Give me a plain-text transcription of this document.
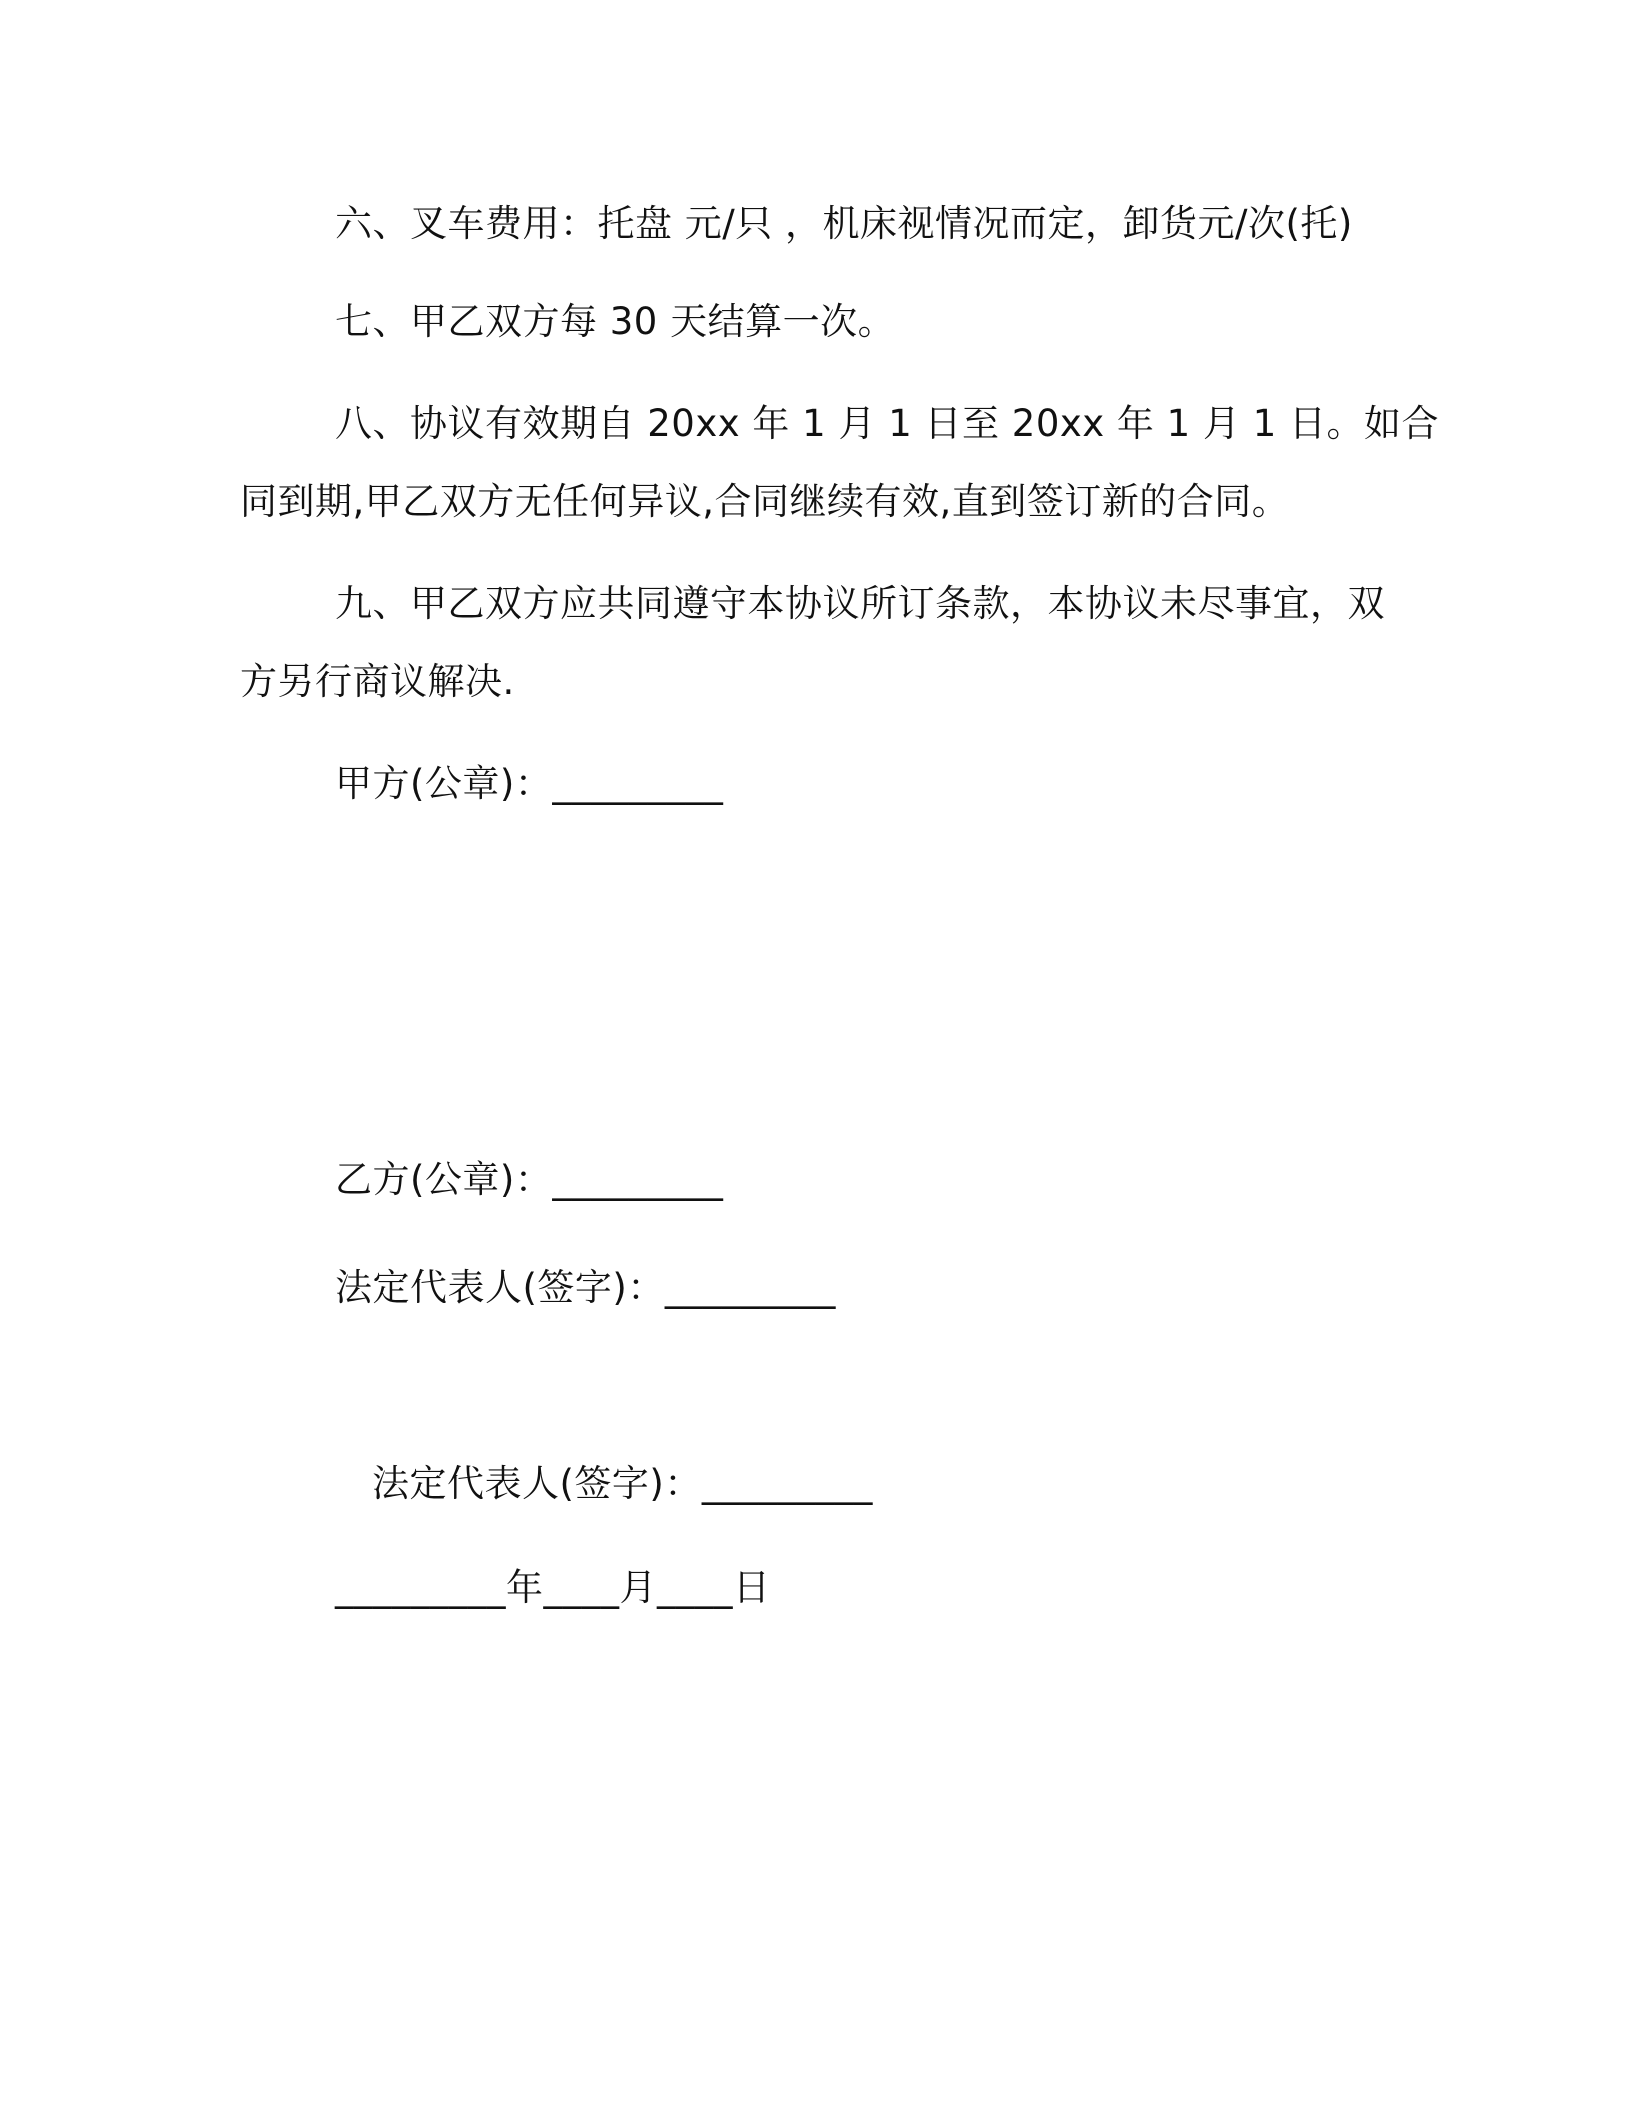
六、叉车费用：托盘 元/只 ，机床视情况而定，卸货元/次(托)
七、甲乙双方每 30 天结算一次。
八、协议有效期自 20xx 年 1 月 1 日至 20xx 年 1 月 1 日。如合
同到期,甲乙双方无任何异议,合同继续有效,直到签订新的合同。
九、甲乙双方应共同遵守本协议所订条款，本协议未尽事宜，双
方另行商议解决.
甲方(公章)：_________
乙方(公章)：_________
法定代表人(签字)：_________
法定代表人(签字)：_________
_________年____月____日
